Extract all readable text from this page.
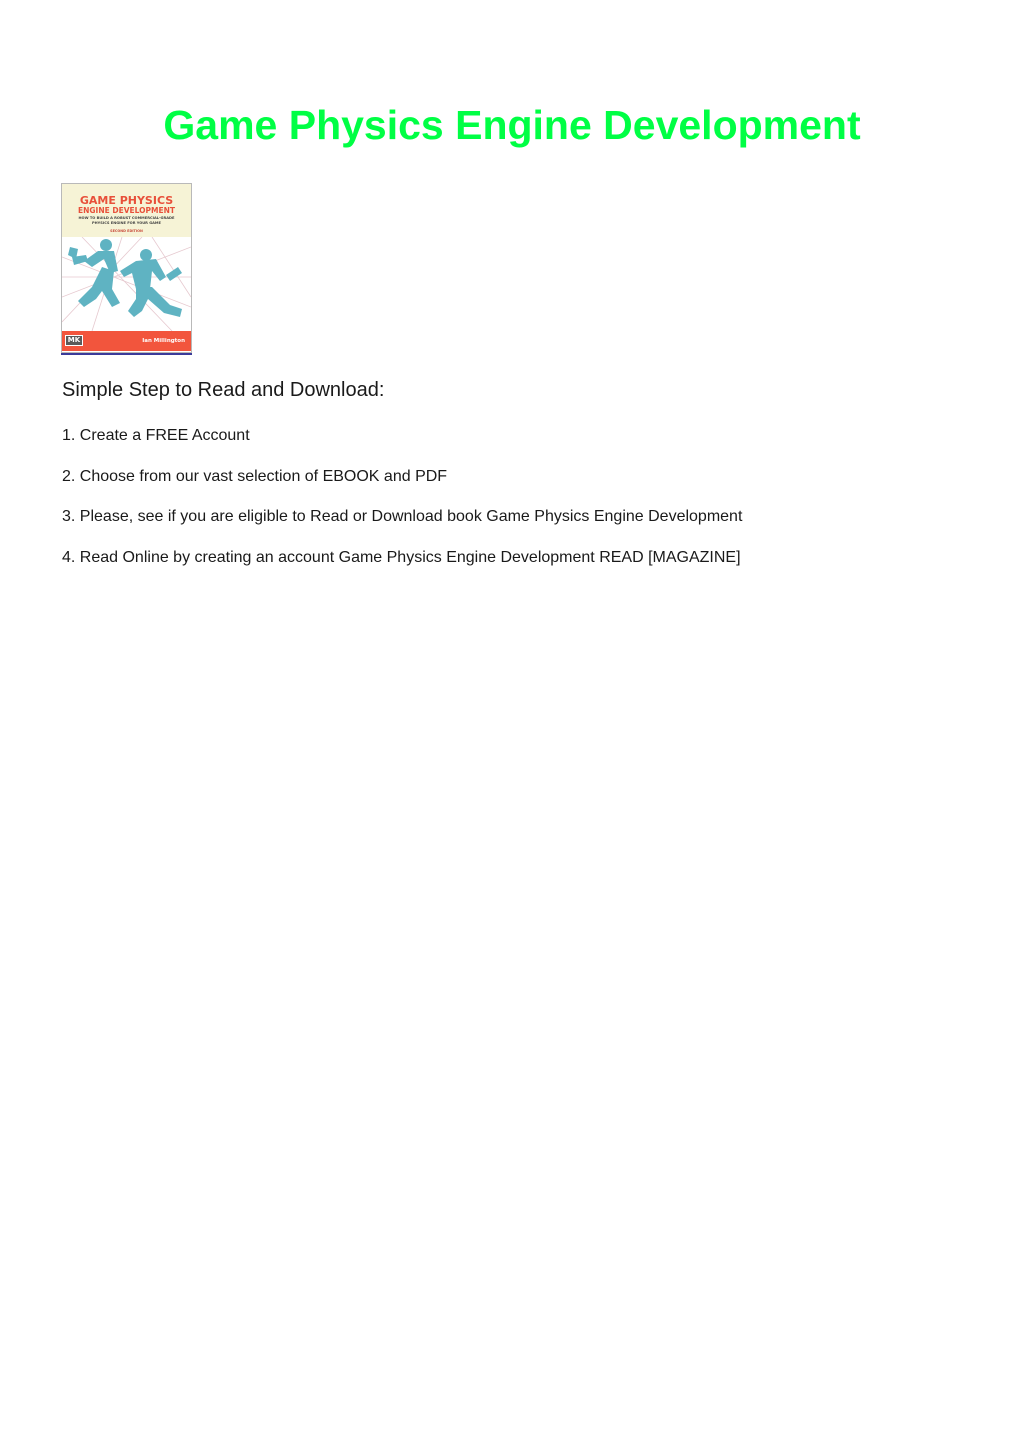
Game Physics Engine Development
GAME PHYSICS
ENGINE DEVELOPMENT
HOW TO BUILD A ROBUST COMMERCIAL-GRADE
PHYSICS ENGINE FOR YOUR GAME
SECOND EDITION
MK	Ian Millington
Simple Step to Read and Download:
1. Create a FREE Account
2. Choose from our vast selection of EBOOK and PDF
3. Please, see if you are eligible to Read or Download book Game Physics Engine Development
4. Read Online by creating an account Game Physics Engine Development READ [MAGAZINE]
